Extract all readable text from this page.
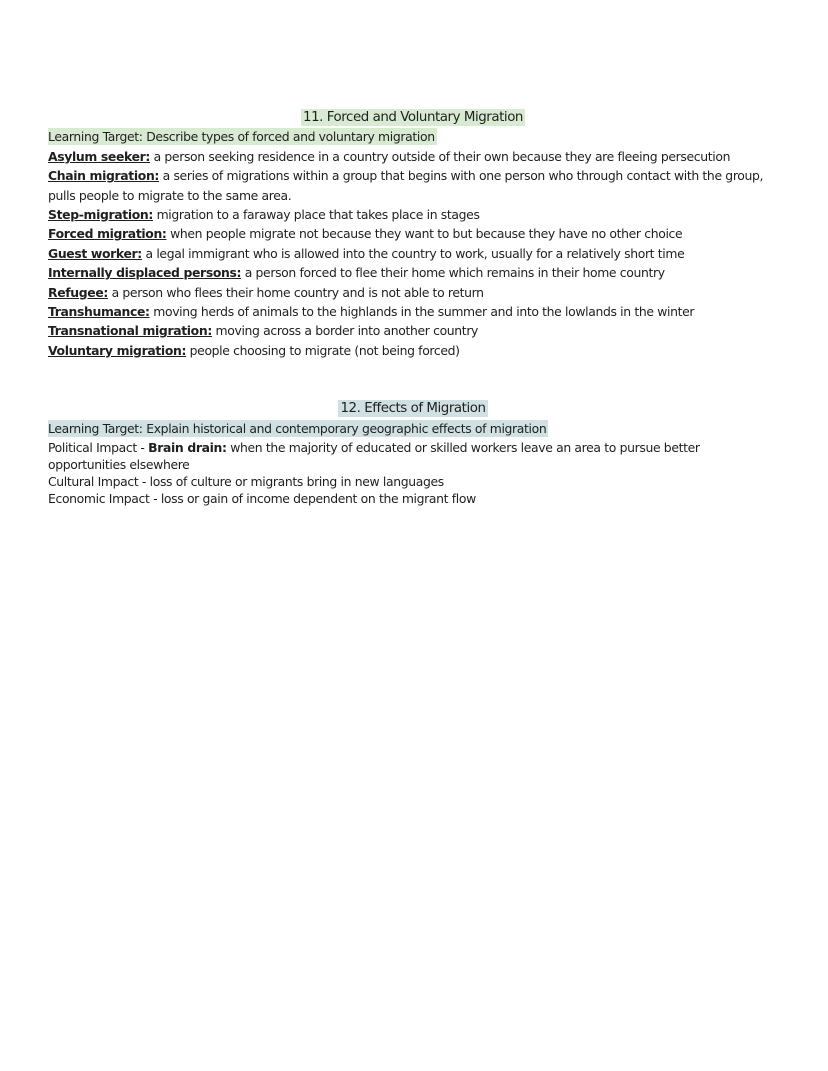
11. Forced and Voluntary Migration
Learning Target: Describe types of forced and voluntary migration
Asylum seeker: a person seeking residence in a country outside of their own because they are fleeing persecution
Chain migration: a series of migrations within a group that begins with one person who through contact with the group, pulls people to migrate to the same area.
Step-migration: migration to a faraway place that takes place in stages
Forced migration: when people migrate not because they want to but because they have no other choice
Guest worker: a legal immigrant who is allowed into the country to work, usually for a relatively short time
Internally displaced persons: a person forced to flee their home which remains in their home country
Refugee: a person who flees their home country and is not able to return
Transhumance: moving herds of animals to the highlands in the summer and into the lowlands in the winter
Transnational migration: moving across a border into another country
Voluntary migration: people choosing to migrate (not being forced)
12. Effects of Migration
Learning Target: Explain historical and contemporary geographic effects of migration
Political Impact - Brain drain: when the majority of educated or skilled workers leave an area to pursue better opportunities elsewhere
Cultural Impact - loss of culture or migrants bring in new languages
Economic Impact - loss or gain of income dependent on the migrant flow
